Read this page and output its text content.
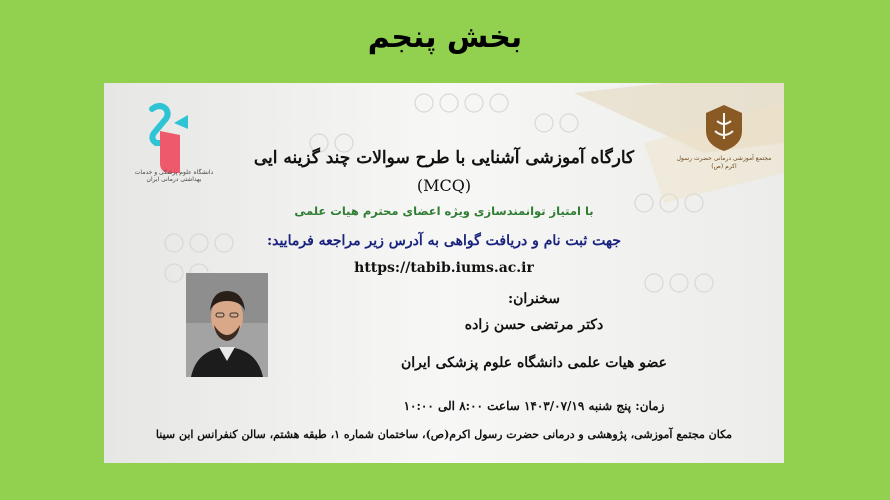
بخش پنجم
دانشگاه علوم پزشکی و خدمات بهداشتی درمانی ایران
مجتمع آموزشی درمانی حضرت رسول اکرم (ص)
کارگاه آموزشی آشنایی با طرح سوالات چند گزینه ایی
(MCQ)
با امتیاز توانمندسازی ویژه اعضای محترم هیات علمی
جهت ثبت نام و دریافت گواهی به آدرس زیر مراجعه فرمایید:
https://tabib.iums.ac.ir
سخنران:
دکتر مرتضی حسن زاده
عضو هیات علمی دانشگاه علوم پزشکی ایران
زمان: پنج شنبه ۱۴۰۳/۰۷/۱۹ ساعت ۸:۰۰ الی ۱۰:۰۰
مکان مجتمع آموزشی، پژوهشی و درمانی حضرت رسول اکرم(ص)، ساختمان شماره ۱، طبقه هشتم، سالن کنفرانس ابن سینا
